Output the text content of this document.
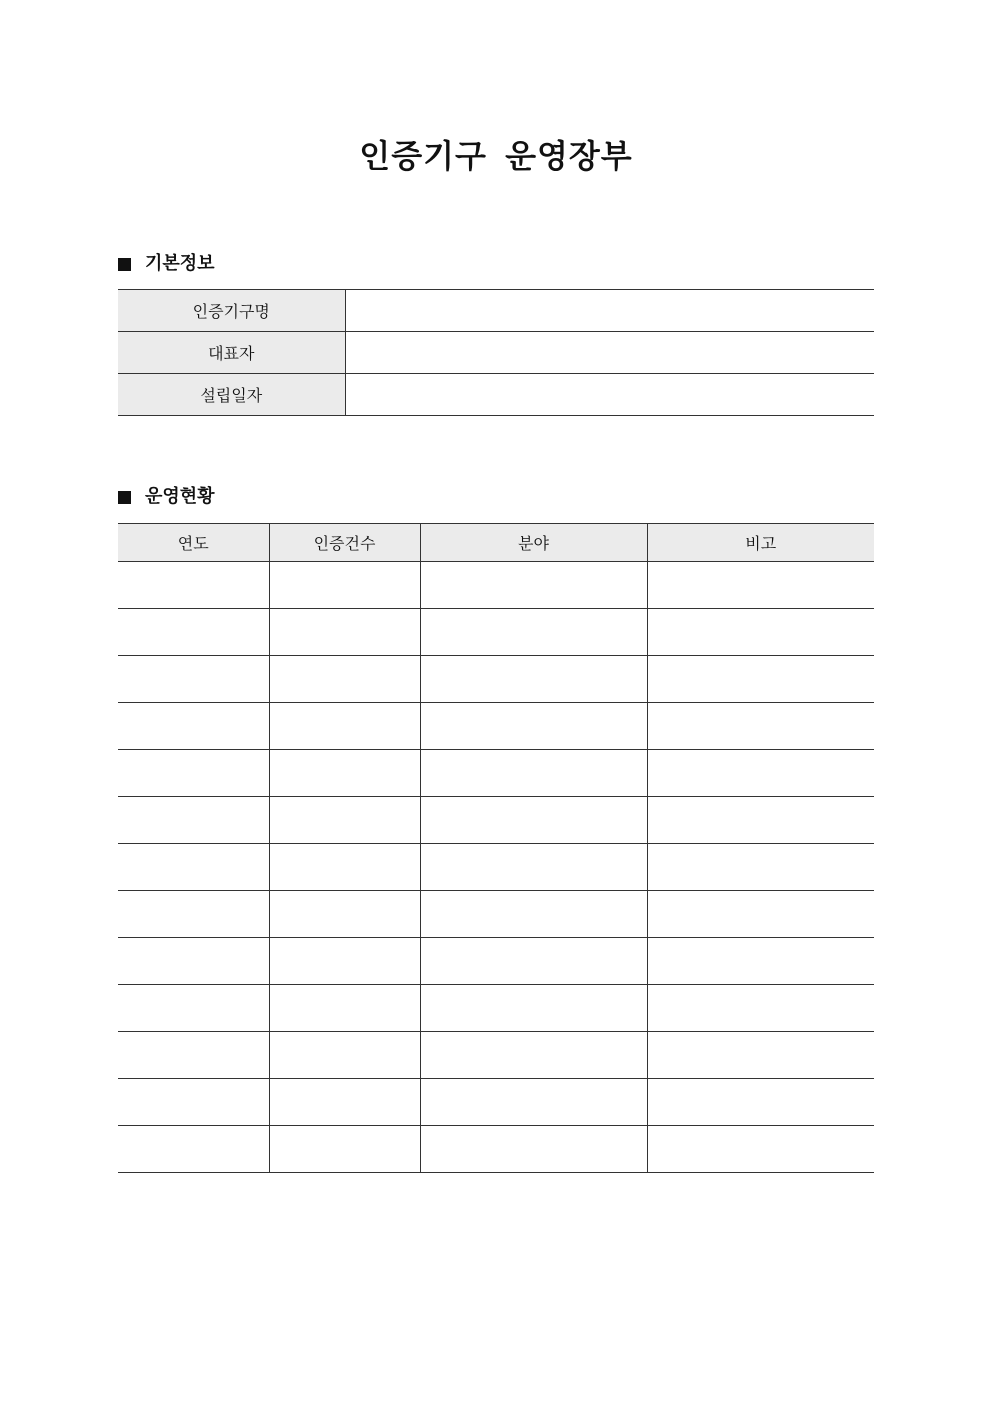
인증기구 운영장부
기본정보
인증기구명	
대표자	
설립일자	
운영현황
연도	인증건수	분야	비고
